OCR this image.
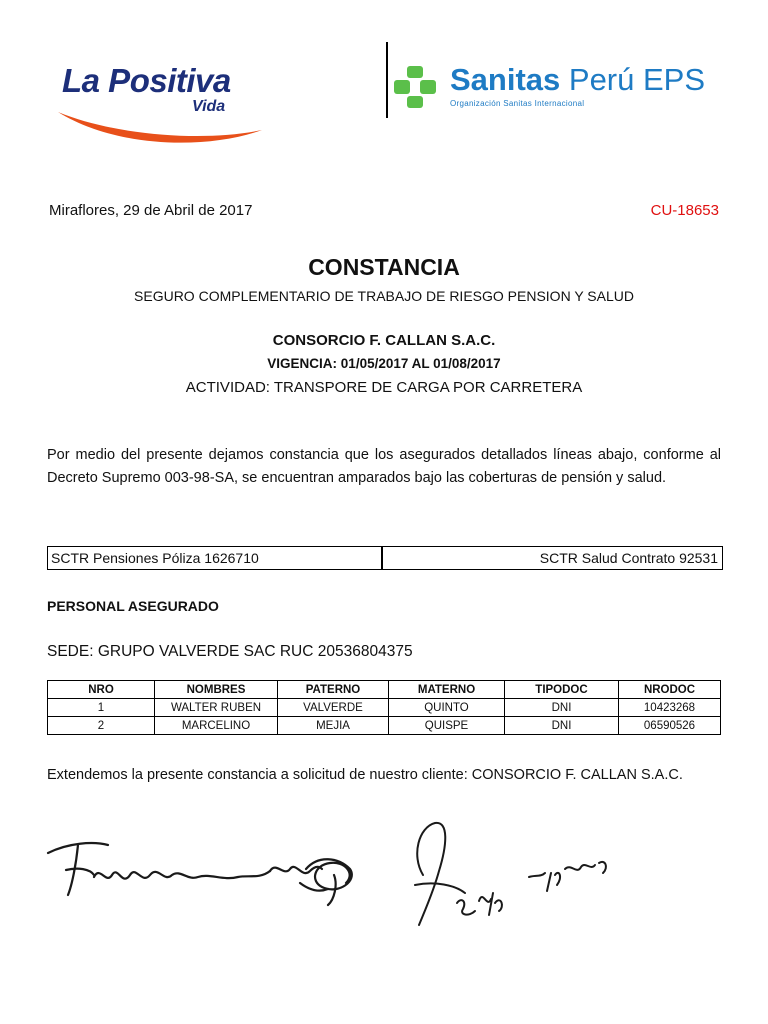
La Positiva
Vida
Sanitas Perú EPS
Organización Sanitas Internacional
Miraflores, 29 de Abril de 2017	CU-18653
CONSTANCIA
SEGURO COMPLEMENTARIO DE TRABAJO DE RIESGO PENSION Y SALUD
CONSORCIO F. CALLAN S.A.C.
VIGENCIA: 01/05/2017 AL 01/08/2017
ACTIVIDAD: TRANSPORE DE CARGA POR CARRETERA
Por medio del presente dejamos constancia que los asegurados detallados líneas abajo, conforme al Decreto Supremo 003-98-SA, se encuentran amparados bajo las coberturas de pensión y salud.
SCTR Pensiones Póliza 1626710	SCTR Salud Contrato 92531
PERSONAL ASEGURADO
SEDE: GRUPO VALVERDE SAC RUC 20536804375
NRO	NOMBRES	PATERNO	MATERNO	TIPODOC	NRODOC
1	WALTER RUBEN	VALVERDE	QUINTO	DNI	10423268
2	MARCELINO	MEJIA	QUISPE	DNI	06590526
Extendemos la presente constancia a solicitud de nuestro cliente: CONSORCIO F. CALLAN S.A.C.
